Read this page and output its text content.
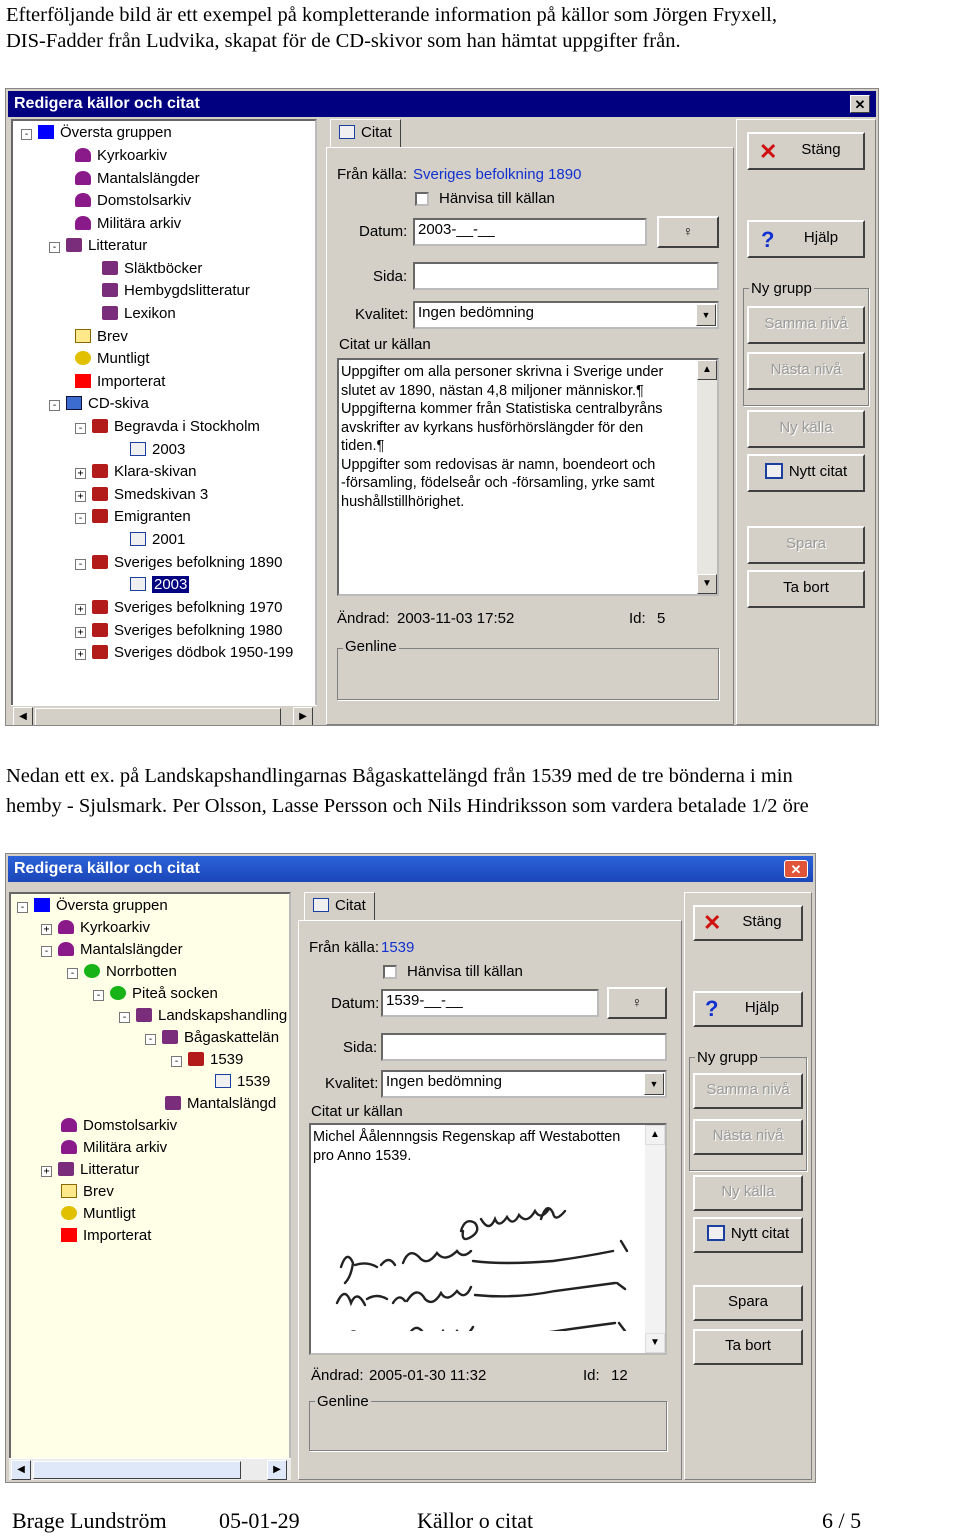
Efterföljande bild är ett exempel på kompletterande information på källor som Jörgen Fryxell,
DIS-Fadder från Ludvika, skapat för de CD-skivor som han hämtat uppgifter från.
Redigera källor och citat	✕
- Översta gruppen
Kyrkoarkiv
Mantalslängder
Domstolsarkiv
Militära arkiv
- Litteratur
Släktböcker
Hembygdslitteratur
Lexikon
Brev
Muntligt
Importerat
- CD-skiva
- Begravda i Stockholm
2003
+ Klara-skivan
+ Smedskivan 3
- Emigranten
2001
- Sveriges befolkning 1890
2003
+ Sveriges befolkning 1970
+ Sveriges befolkning 1980
+ Sveriges dödbok 1950-199
◀	▶
Citat
Från källa: Sveriges befolkning 1890
Hänvisa till källan
Datum: 2003-__-__	♀
Sida:
Kvalitet: Ingen bedömning	▼
Citat ur källan
Uppgifter om alla personer skrivna i Sverige under
slutet av 1890, nästan 4,8 miljoner människor.¶
Uppgifterna kommer från Statistiska centralbyråns
avskrifter av kyrkans husförhörslängder för den
tiden.¶
Uppgifter som redovisas är namn, boendeort och
-församling, födelseår och -församling, yrke samt
hushållstillhörighet.
▲
▼
Ändrad: 2003-11-03 17:52	Id: 5
Genline
✕ Stäng
? Hjälp
Ny grupp
Samma nivå
Nästa nivå
Ny källa
Nytt citat
Spara
Ta bort
Nedan ett ex. på Landskapshandlingarnas Bågaskattelängd från 1539 med de tre bönderna i min
hemby - Sjulsmark. Per Olsson, Lasse Persson och Nils Hindriksson som vardera betalade 1/2 öre
Redigera källor och citat	✕
- Översta gruppen
+ Kyrkoarkiv
- Mantalslängder
- Norrbotten
- Piteå socken
- Landskapshandling
- Bågaskattelän
- 1539
1539
Mantalslängd
Domstolsarkiv
Militära arkiv
+ Litteratur
Brev
Muntligt
Importerat
◀	▶
Citat
Från källa: 1539
Hänvisa till källan
Datum: 1539-__-__	♀
Sida:
Kvalitet: Ingen bedömning	▼
Citat ur källan
Michel Åålennngsis Regenskap aff Westabotten
pro Anno 1539.
▲
▼
Ändrad: 2005-01-30 11:32	Id: 12
Genline
✕ Stäng
? Hjälp
Ny grupp
Samma nivå
Nästa nivå
Ny källa
Nytt citat
Spara
Ta bort
Brage Lundström 05-01-29	Källor o citat	6 / 5
